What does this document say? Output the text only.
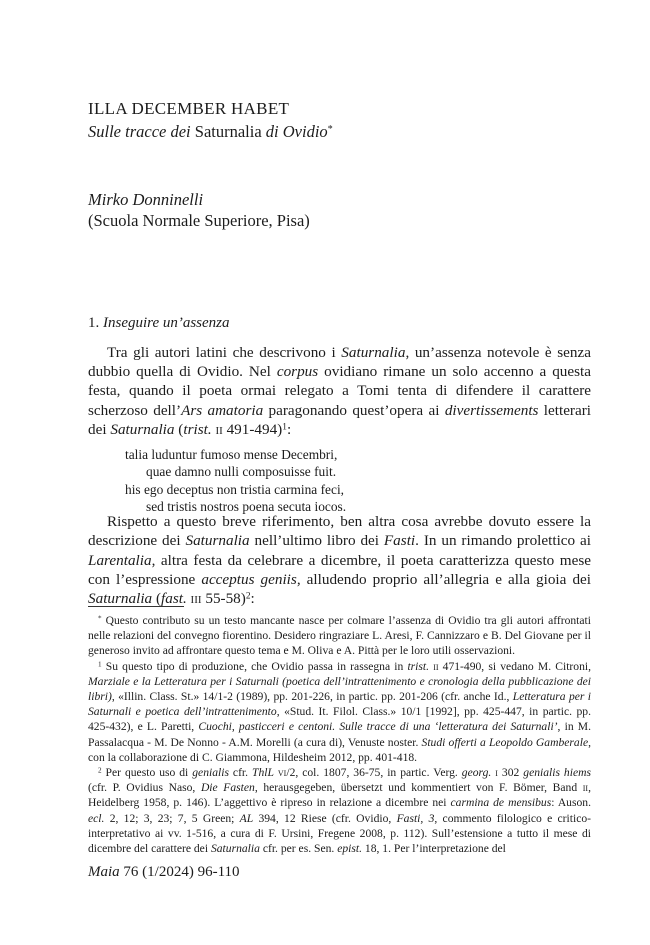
ILLA DECEMBER HABET
Sulle tracce dei Saturnalia di Ovidio*
Mirko Donninelli
(Scuola Normale Superiore, Pisa)
1. Inseguire un’assenza
Tra gli autori latini che descrivono i Saturnalia, un’assenza notevole è senza dubbio quella di Ovidio. Nel corpus ovidiano rimane un solo accenno a questa festa, quando il poeta ormai relegato a Tomi tenta di difendere il carattere scherzoso dell’Ars amatoria paragonando quest’opera ai divertissements letterari dei Saturnalia (trist. ii 491-494)$^1$:
talia luduntur fumoso mense Decembri,
quae damno nulli composuisse fuit.
his ego deceptus non tristia carmina feci,
sed tristis nostros poena secuta iocos.
Rispetto a questo breve riferimento, ben altra cosa avrebbe dovuto essere la descrizione dei Saturnalia nell’ultimo libro dei Fasti. In un rimando prolettico ai Larentalia, altra festa da celebrare a dicembre, il poeta caratterizza questo mese con l’espressione acceptus geniis, alludendo proprio all’allegria e alla gioia dei Saturnalia (fast. iii 55-58)$^2$:
* Questo contributo su un testo mancante nasce per colmare l’assenza di Ovidio tra gli autori affrontati nelle relazioni del convegno fiorentino. Desidero ringraziare L. Aresi, F. Cannizzaro e B. Del Giovane per il generoso invito ad affrontare questo tema e M. Oliva e A. Pittà per le loro utili osservazioni.
$^1$ Su questo tipo di produzione, che Ovidio passa in rassegna in trist. ii 471-490, si vedano M. Citroni, Marziale e la Letteratura per i Saturnali (poetica dell’intrattenimento e cronologia della pubblicazione dei libri), «Illin. Class. St.» 14/1-2 (1989), pp. 201-226, in partic. pp. 201-206 (cfr. anche Id., Letteratura per i Saturnali e poetica dell’intrattenimento, «Stud. It. Filol. Class.» 10/1 [1992], pp. 425-447, in partic. pp. 425-432), e L. Paretti, Cuochi, pasticceri e centoni. Sulle tracce di una ‘letteratura dei Saturnali’, in M. Passalacqua - M. De Nonno - A.M. Morelli (a cura di), Venuste noster. Studi offerti a Leopoldo Gamberale, con la collaborazione di C. Giammona, Hildesheim 2012, pp. 401-418.
$^2$ Per questo uso di genialis cfr. ThlL vi/2, col. 1807, 36-75, in partic. Verg. georg. i 302 genialis hiems (cfr. P. Ovidius Naso, Die Fasten, herausgegeben, übersetzt und kommentiert von F. Bömer, Band ii, Heidelberg 1958, p. 146). L’aggettivo è ripreso in relazione a dicembre nei carmina de mensibus: Auson. ecl. 2, 12; 3, 23; 7, 5 Green; AL 394, 12 Riese (cfr. Ovidio, Fasti, 3, commento filologico e critico-interpretativo ai vv. 1-516, a cura di F. Ursini, Fregene 2008, p. 112). Sull’estensione a tutto il mese di dicembre del carattere dei Saturnalia cfr. per es. Sen. epist. 18, 1. Per l’interpretazione del
Maia 76 (1/2024) 96-110
